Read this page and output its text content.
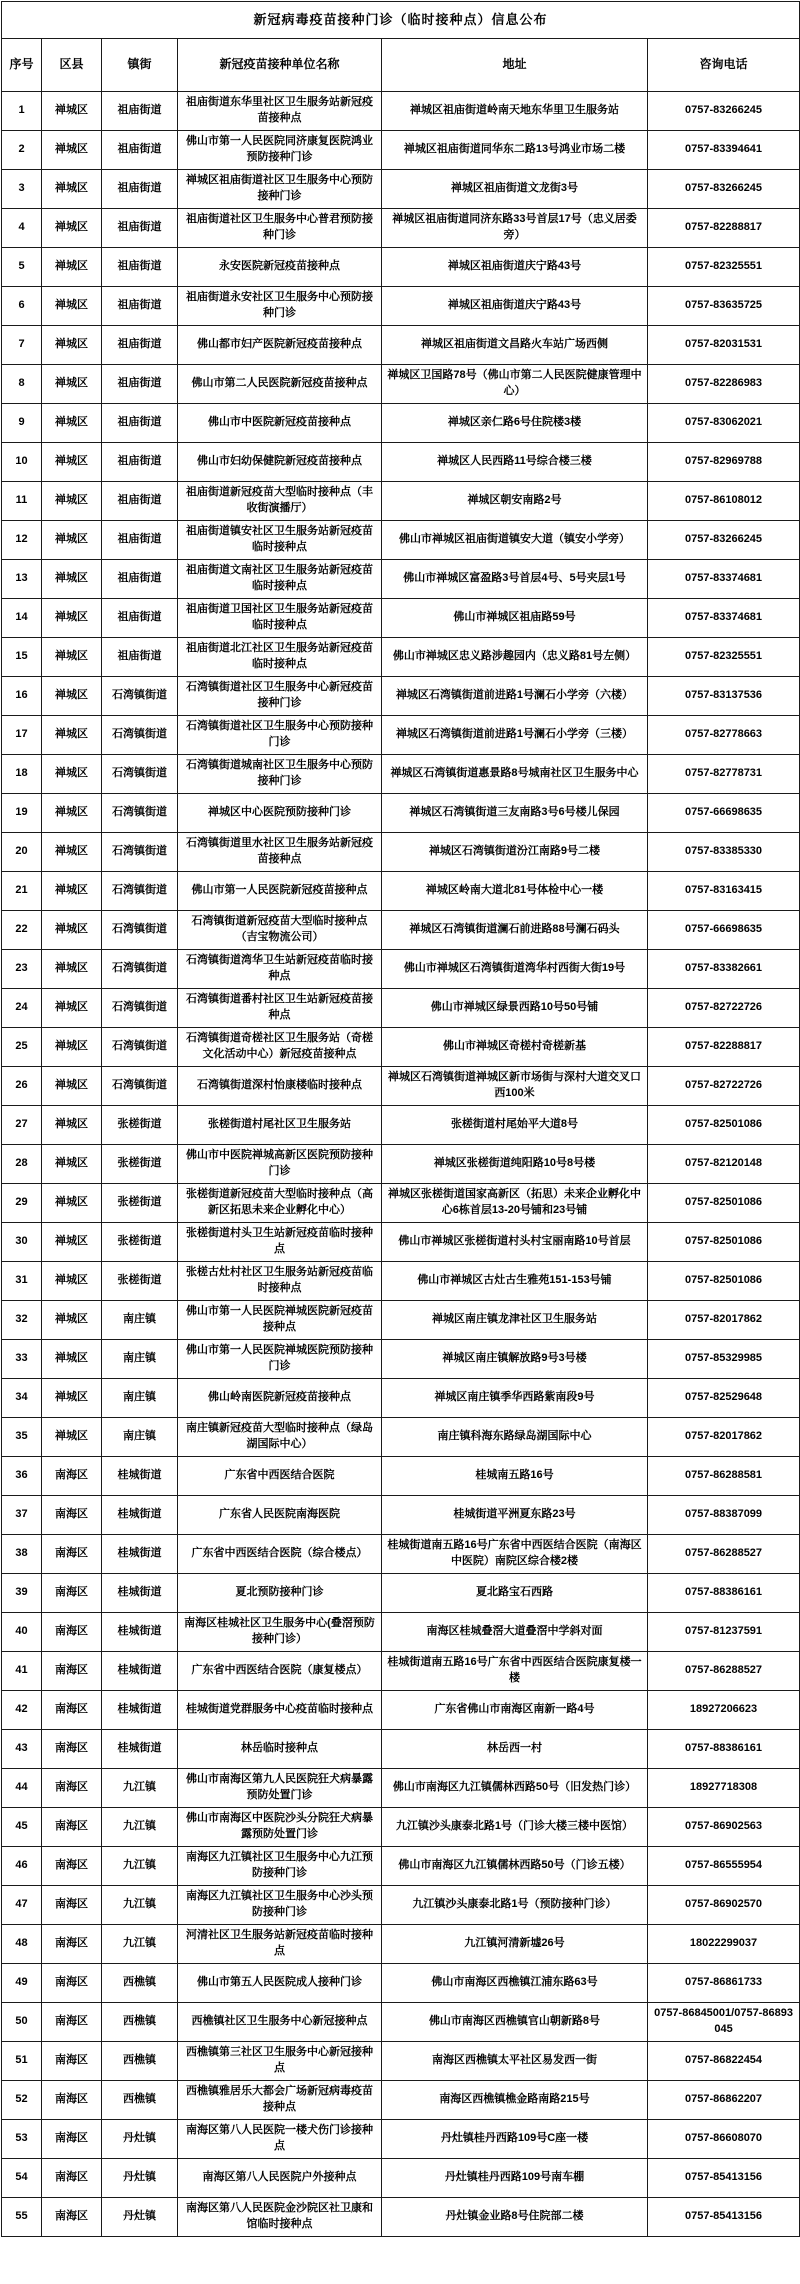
新冠病毒疫苗接种门诊（临时接种点）信息公布					
序号	区县	镇街	新冠疫苗接种单位名称	地址	咨询电话
1	禅城区	祖庙街道	祖庙街道东华里社区卫生服务站新冠疫苗接种点	禅城区祖庙街道岭南天地东华里卫生服务站	0757-83266245
2	禅城区	祖庙街道	佛山市第一人民医院同济康复医院鸿业预防接种门诊	禅城区祖庙街道同华东二路13号鸿业市场二楼	0757-83394641
3	禅城区	祖庙街道	禅城区祖庙街道社区卫生服务中心预防接种门诊	禅城区祖庙街道文龙街3号	0757-83266245
4	禅城区	祖庙街道	祖庙街道社区卫生服务中心普君预防接种门诊	禅城区祖庙街道同济东路33号首层17号（忠义居委旁）	0757-82288817
5	禅城区	祖庙街道	永安医院新冠疫苗接种点	禅城区祖庙街道庆宁路43号	0757-82325551
6	禅城区	祖庙街道	祖庙街道永安社区卫生服务中心预防接种门诊	禅城区祖庙街道庆宁路43号	0757-83635725
7	禅城区	祖庙街道	佛山都市妇产医院新冠疫苗接种点	禅城区祖庙街道文昌路火车站广场西侧	0757-82031531
8	禅城区	祖庙街道	佛山市第二人民医院新冠疫苗接种点	禅城区卫国路78号（佛山市第二人民医院健康管理中心）	0757-82286983
9	禅城区	祖庙街道	佛山市中医院新冠疫苗接种点	禅城区亲仁路6号住院楼3楼	0757-83062021
10	禅城区	祖庙街道	佛山市妇幼保健院新冠疫苗接种点	禅城区人民西路11号综合楼三楼	0757-82969788
11	禅城区	祖庙街道	祖庙街道新冠疫苗大型临时接种点（丰收街演播厅）	禅城区朝安南路2号	0757-86108012
12	禅城区	祖庙街道	祖庙街道镇安社区卫生服务站新冠疫苗临时接种点	佛山市禅城区祖庙街道镇安大道（镇安小学旁）	0757-83266245
13	禅城区	祖庙街道	祖庙街道文南社区卫生服务站新冠疫苗临时接种点	佛山市禅城区富盈路3号首层4号、5号夹层1号	0757-83374681
14	禅城区	祖庙街道	祖庙街道卫国社区卫生服务站新冠疫苗临时接种点	佛山市禅城区祖庙路59号	0757-83374681
15	禅城区	祖庙街道	祖庙街道北江社区卫生服务站新冠疫苗临时接种点	佛山市禅城区忠义路涉趣园内（忠义路81号左侧）	0757-82325551
16	禅城区	石湾镇街道	石湾镇街道社区卫生服务中心新冠疫苗接种门诊	禅城区石湾镇街道前进路1号澜石小学旁（六楼）	0757-83137536
17	禅城区	石湾镇街道	石湾镇街道社区卫生服务中心预防接种门诊	禅城区石湾镇街道前进路1号澜石小学旁（三楼）	0757-82778663
18	禅城区	石湾镇街道	石湾镇街道城南社区卫生服务中心预防接种门诊	禅城区石湾镇街道惠景路8号城南社区卫生服务中心	0757-82778731
19	禅城区	石湾镇街道	禅城区中心医院预防接种门诊	禅城区石湾镇街道三友南路3号6号楼儿保园	0757-66698635
20	禅城区	石湾镇街道	石湾镇街道里水社区卫生服务站新冠疫苗接种点	禅城区石湾镇街道汾江南路9号二楼	0757-83385330
21	禅城区	石湾镇街道	佛山市第一人民医院新冠疫苗接种点	禅城区岭南大道北81号体检中心一楼	0757-83163415
22	禅城区	石湾镇街道	石湾镇街道新冠疫苗大型临时接种点（吉宝物流公司）	禅城区石湾镇街道澜石前进路88号澜石码头	0757-66698635
23	禅城区	石湾镇街道	石湾镇街道湾华卫生站新冠疫苗临时接种点	佛山市禅城区石湾镇街道湾华村西街大街19号	0757-83382661
24	禅城区	石湾镇街道	石湾镇街道番村社区卫生站新冠疫苗接种点	佛山市禅城区绿景西路10号50号铺	0757-82722726
25	禅城区	石湾镇街道	石湾镇街道奇槎社区卫生服务站（奇槎文化活动中心）新冠疫苗接种点	佛山市禅城区奇槎村奇槎新基	0757-82288817
26	禅城区	石湾镇街道	石湾镇街道深村怡康楼临时接种点	禅城区石湾镇街道禅城区新市场街与深村大道交叉口西100米	0757-82722726
27	禅城区	张槎街道	张槎街道村尾社区卫生服务站	张槎街道村尾始平大道8号	0757-82501086
28	禅城区	张槎街道	佛山市中医院禅城高新区医院预防接种门诊	禅城区张槎街道纯阳路10号8号楼	0757-82120148
29	禅城区	张槎街道	张槎街道新冠疫苗大型临时接种点（高新区拓思未来企业孵化中心）	禅城区张槎街道国家高新区（拓思）未来企业孵化中心6栋首层13-20号铺和23号铺	0757-82501086
30	禅城区	张槎街道	张槎街道村头卫生站新冠疫苗临时接种点	佛山市禅城区张槎街道村头村宝丽南路10号首层	0757-82501086
31	禅城区	张槎街道	张槎古灶村社区卫生服务站新冠疫苗临时接种点	佛山市禅城区古灶古生雅苑151-153号铺	0757-82501086
32	禅城区	南庄镇	佛山市第一人民医院禅城医院新冠疫苗接种点	禅城区南庄镇龙津社区卫生服务站	0757-82017862
33	禅城区	南庄镇	佛山市第一人民医院禅城医院预防接种门诊	禅城区南庄镇解放路9号3号楼	0757-85329985
34	禅城区	南庄镇	佛山岭南医院新冠疫苗接种点	禅城区南庄镇季华西路紫南段9号	0757-82529648
35	禅城区	南庄镇	南庄镇新冠疫苗大型临时接种点（绿岛湖国际中心）	南庄镇科海东路绿岛湖国际中心	0757-82017862
36	南海区	桂城街道	广东省中西医结合医院	桂城南五路16号	0757-86288581
37	南海区	桂城街道	广东省人民医院南海医院	桂城街道平洲夏东路23号	0757-88387099
38	南海区	桂城街道	广东省中西医结合医院（综合楼点）	桂城街道南五路16号广东省中西医结合医院（南海区中医院）南院区综合楼2楼	0757-86288527
39	南海区	桂城街道	夏北预防接种门诊	夏北路宝石西路	0757-88386161
40	南海区	桂城街道	南海区桂城社区卫生服务中心(叠滘预防接种门诊）	南海区桂城叠滘大道叠滘中学斜对面	0757-81237591
41	南海区	桂城街道	广东省中西医结合医院（康复楼点）	桂城街道南五路16号广东省中西医结合医院康复楼一楼	0757-86288527
42	南海区	桂城街道	桂城街道党群服务中心疫苗临时接种点	广东省佛山市南海区南新一路4号	18927206623
43	南海区	桂城街道	林岳临时接种点	林岳西一村	0757-88386161
44	南海区	九江镇	佛山市南海区第九人民医院狂犬病暴露预防处置门诊	佛山市南海区九江镇儒林西路50号（旧发热门诊）	18927718308
45	南海区	九江镇	佛山市南海区中医院沙头分院狂犬病暴露预防处置门诊	九江镇沙头康泰北路1号（门诊大楼三楼中医馆）	0757-86902563
46	南海区	九江镇	南海区九江镇社区卫生服务中心九江预防接种门诊	佛山市南海区九江镇儒林西路50号（门诊五楼）	0757-86555954
47	南海区	九江镇	南海区九江镇社区卫生服务中心沙头预防接种门诊	九江镇沙头康泰北路1号（预防接种门诊）	0757-86902570
48	南海区	九江镇	河清社区卫生服务站新冠疫苗临时接种点	九江镇河清新墟26号	18022299037
49	南海区	西樵镇	佛山市第五人民医院成人接种门诊	佛山市南海区西樵镇江浦东路63号	0757-86861733
50	南海区	西樵镇	西樵镇社区卫生服务中心新冠接种点	佛山市南海区西樵镇官山朝新路8号	0757-86845001/0757-86893045
51	南海区	西樵镇	西樵镇第三社区卫生服务中心新冠接种点	南海区西樵镇太平社区易发西一街	0757-86822454
52	南海区	西樵镇	西樵镇雅居乐大都会广场新冠病毒疫苗接种点	南海区西樵镇樵金路南路215号	0757-86862207
53	南海区	丹灶镇	南海区第八人民医院一楼犬伤门诊接种点	丹灶镇桂丹西路109号C座一楼	0757-86608070
54	南海区	丹灶镇	南海区第八人民医院户外接种点	丹灶镇桂丹西路109号南车棚	0757-85413156
55	南海区	丹灶镇	南海区第八人民医院金沙院区社卫康和馆临时接种点	丹灶镇金业路8号住院部二楼	0757-85413156
